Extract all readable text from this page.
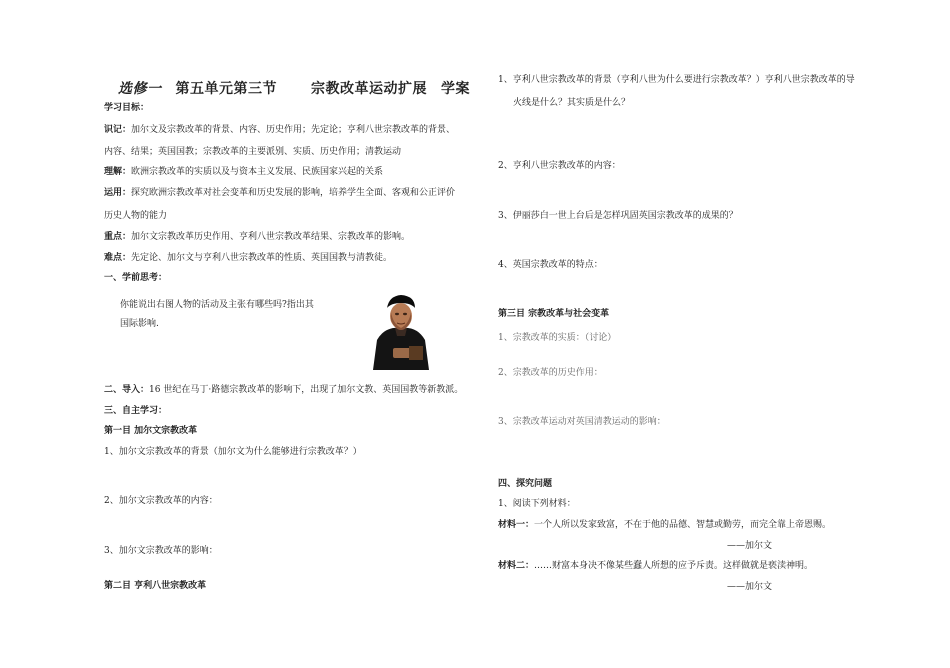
选修一 第五单元第三节 宗教改革运动扩展 学案
学习目标：
识记：加尔文及宗教改革的背景、内容、历史作用；先定论；亨利八世宗教改革的背景、
内容、结果；英国国教；宗教改革的主要派别、实质、历史作用；清教运动
理解：欧洲宗教改革的实质以及与资本主义发展、民族国家兴起的关系
运用：探究欧洲宗教改革对社会变革和历史发展的影响，培养学生全面、客观和公正评价
历史人物的能力
重点：加尔文宗教改革历史作用、亨利八世宗教改革结果、宗教改革的影响。
难点：先定论、加尔文与亨利八世宗教改革的性质、英国国教与清教徒。
一、学前思考：
你能说出右图人物的活动及主张有哪些吗?指出其
国际影响.
二、导入：16 世纪在马丁·路德宗教改革的影响下，出现了加尔文教、英国国教等新教派。
三、自主学习：
第一目 加尔文宗教改革
1、加尔文宗教改革的背景（加尔文为什么能够进行宗教改革？）
2、加尔文宗教改革的内容：
3、加尔文宗教改革的影响：
第二目 亨利八世宗教改革
1、亨利八世宗教改革的背景（亨利八世为什么要进行宗教改革？）亨利八世宗教改革的导
火线是什么？其实质是什么？
2、亨利八世宗教改革的内容：
3、伊丽莎白一世上台后是怎样巩固英国宗教改革的成果的？
4、英国宗教改革的特点：
第三目 宗教改革与社会变革
1、宗教改革的实质：（讨论）
2、宗教改革的历史作用：
3、宗教改革运动对英国清教运动的影响：
四、探究问题
1、阅读下列材料：
材料一：一个人所以发家致富，不在于他的品德、智慧或勤劳，而完全靠上帝恩赐。
——加尔文
材料二：……财富本身决不像某些蠢人所想的应予斥责。这样做就是亵渎神明。
——加尔文
